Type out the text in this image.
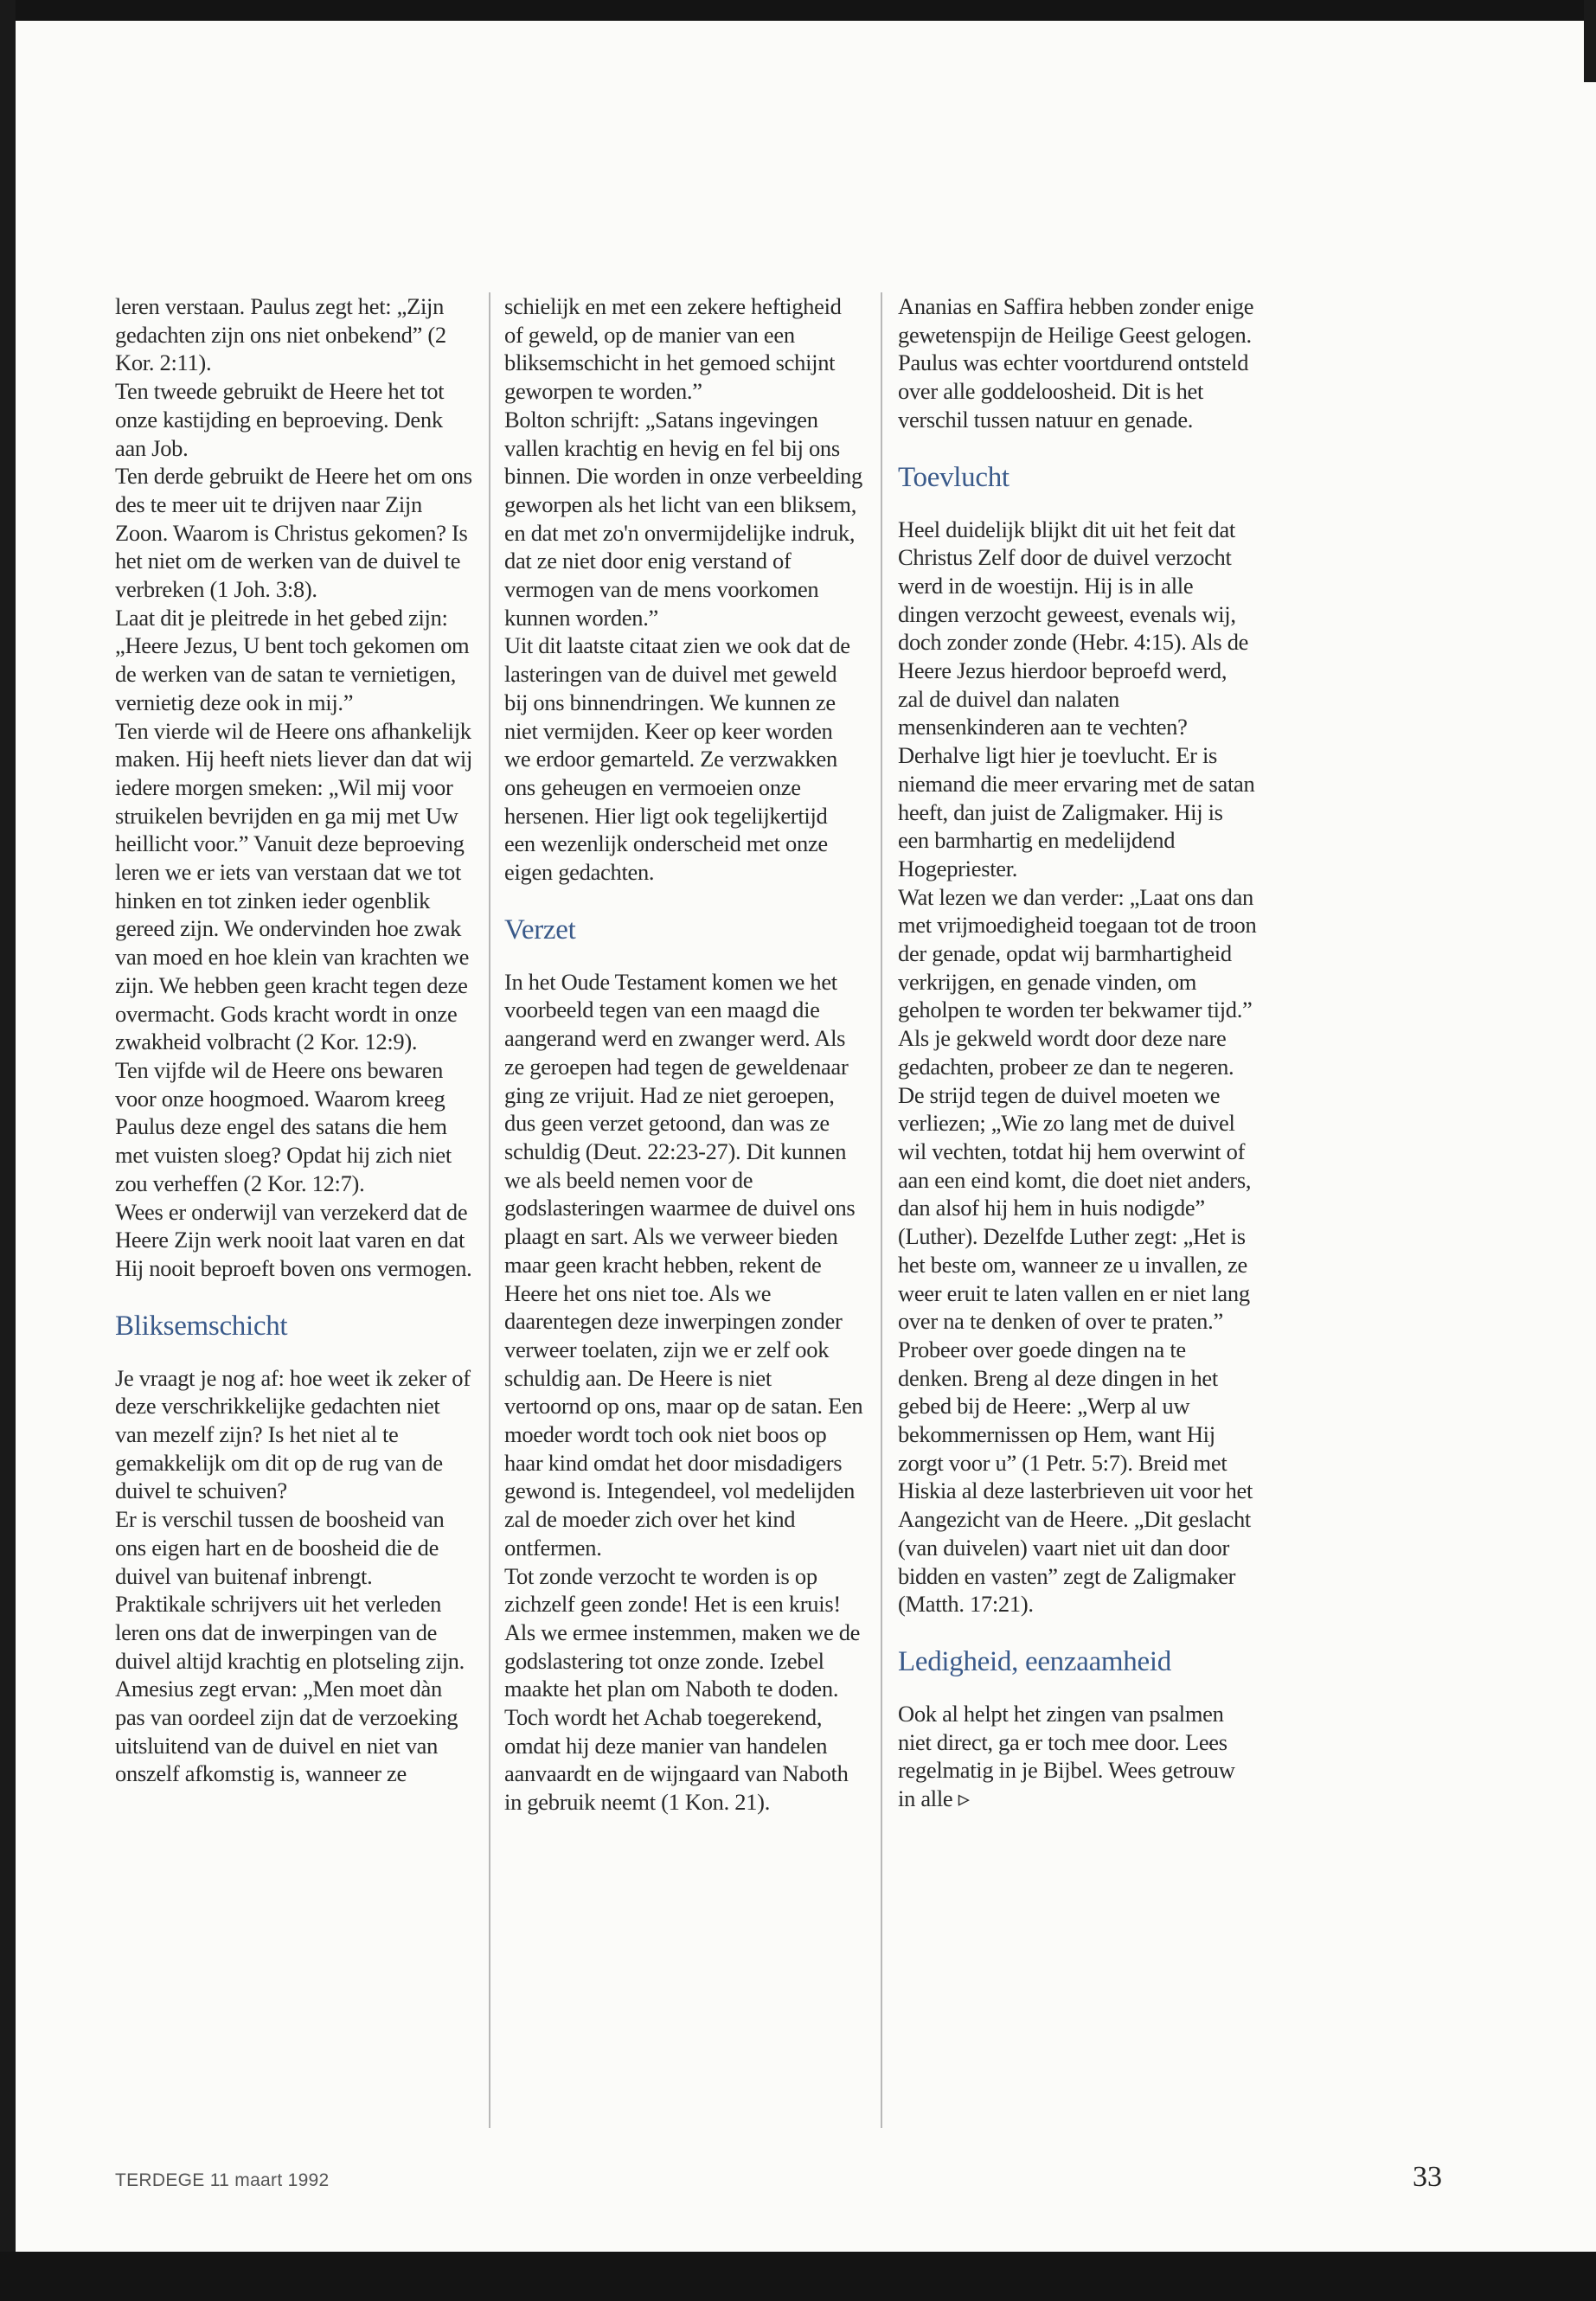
leren verstaan. Paulus zegt het: „Zijn gedachten zijn ons niet onbekend” (2 Kor. 2:11).

Ten tweede gebruikt de Heere het tot onze kastijding en beproeving. Denk aan Job.

Ten derde gebruikt de Heere het om ons des te meer uit te drijven naar Zijn Zoon. Waarom is Christus gekomen? Is het niet om de werken van de duivel te verbreken (1 Joh. 3:8).

Laat dit je pleitrede in het gebed zijn: „Heere Jezus, U bent toch gekomen om de werken van de satan te vernietigen, vernietig deze ook in mij.”

Ten vierde wil de Heere ons afhankelijk maken. Hij heeft niets liever dan dat wij iedere morgen smeken: „Wil mij voor struikelen bevrijden en ga mij met Uw heillicht voor.” Vanuit deze beproeving leren we er iets van verstaan dat we tot hinken en tot zinken ieder ogenblik gereed zijn. We ondervinden hoe zwak van moed en hoe klein van krachten we zijn. We hebben geen kracht tegen deze overmacht. Gods kracht wordt in onze zwakheid volbracht (2 Kor. 12:9).

Ten vijfde wil de Heere ons bewaren voor onze hoogmoed. Waarom kreeg Paulus deze engel des satans die hem met vuisten sloeg? Opdat hij zich niet zou verheffen (2 Kor. 12:7).

Wees er onderwijl van verzekerd dat de Heere Zijn werk nooit laat varen en dat Hij nooit beproeft boven ons vermogen.

Bliksemschicht

Je vraagt je nog af: hoe weet ik zeker of deze verschrikkelijke gedachten niet van mezelf zijn? Is het niet al te gemakkelijk om dit op de rug van de duivel te schuiven?

Er is verschil tussen de boosheid van ons eigen hart en de boosheid die de duivel van buitenaf inbrengt.

Praktikale schrijvers uit het verleden leren ons dat de inwerpingen van de duivel altijd krachtig en plotseling zijn.

Amesius zegt ervan: „Men moet dàn pas van oordeel zijn dat de verzoeking uitsluitend van de duivel en niet van onszelf afkomstig is, wanneer ze

schielijk en met een zekere heftigheid of geweld, op de manier van een bliksemschicht in het gemoed schijnt geworpen te worden.”

Bolton schrijft: „Satans ingevingen vallen krachtig en hevig en fel bij ons binnen. Die worden in onze verbeelding geworpen als het licht van een bliksem, en dat met zo'n onvermijdelijke indruk, dat ze niet door enig verstand of vermogen van de mens voorkomen kunnen worden.”

Uit dit laatste citaat zien we ook dat de lasteringen van de duivel met geweld bij ons binnendringen. We kunnen ze niet vermijden. Keer op keer worden we erdoor gemarteld. Ze verzwakken ons geheugen en vermoeien onze hersenen. Hier ligt ook tegelijkertijd een wezenlijk onderscheid met onze eigen gedachten.

Verzet

In het Oude Testament komen we het voorbeeld tegen van een maagd die aangerand werd en zwanger werd. Als ze geroepen had tegen de geweldenaar ging ze vrijuit. Had ze niet geroepen, dus geen verzet getoond, dan was ze schuldig (Deut. 22:23-27). Dit kunnen we als beeld nemen voor de godslasteringen waarmee de duivel ons plaagt en sart. Als we verweer bieden maar geen kracht hebben, rekent de Heere het ons niet toe. Als we daarentegen deze inwerpingen zonder verweer toelaten, zijn we er zelf ook schuldig aan. De Heere is niet vertoornd op ons, maar op de satan. Een moeder wordt toch ook niet boos op haar kind omdat het door misdadigers gewond is. Integendeel, vol medelijden zal de moeder zich over het kind ontfermen.

Tot zonde verzocht te worden is op zichzelf geen zonde! Het is een kruis! Als we ermee instemmen, maken we de godslastering tot onze zonde. Izebel maakte het plan om Naboth te doden. Toch wordt het Achab toegerekend, omdat hij deze manier van handelen aanvaardt en de wijngaard van Naboth in gebruik neemt (1 Kon. 21).

Ananias en Saffira hebben zonder enige gewetenspijn de Heilige Geest gelogen. Paulus was echter voortdurend ontsteld over alle goddeloosheid. Dit is het verschil tussen natuur en genade.

Toevlucht

Heel duidelijk blijkt dit uit het feit dat Christus Zelf door de duivel verzocht werd in de woestijn. Hij is in alle dingen verzocht geweest, evenals wij, doch zonder zonde (Hebr. 4:15). Als de Heere Jezus hierdoor beproefd werd, zal de duivel dan nalaten mensenkinderen aan te vechten? Derhalve ligt hier je toevlucht. Er is niemand die meer ervaring met de satan heeft, dan juist de Zaligmaker. Hij is een barmhartig en medelijdend Hogepriester.

Wat lezen we dan verder: „Laat ons dan met vrijmoedigheid toegaan tot de troon der genade, opdat wij barmhartigheid verkrijgen, en genade vinden, om geholpen te worden ter bekwamer tijd.”

Als je gekweld wordt door deze nare gedachten, probeer ze dan te negeren. De strijd tegen de duivel moeten we verliezen; „Wie zo lang met de duivel wil vechten, totdat hij hem overwint of aan een eind komt, die doet niet anders, dan alsof hij hem in huis nodigde” (Luther). Dezelfde Luther zegt: „Het is het beste om, wanneer ze u invallen, ze weer eruit te laten vallen en er niet lang over na te denken of over te praten.” Probeer over goede dingen na te denken. Breng al deze dingen in het gebed bij de Heere: „Werp al uw bekommernissen op Hem, want Hij zorgt voor u” (1 Petr. 5:7). Breid met Hiskia al deze lasterbrieven uit voor het Aangezicht van de Heere. „Dit geslacht (van duivelen) vaart niet uit dan door bidden en vasten” zegt de Zaligmaker (Matth. 17:21).

Ledigheid, eenzaamheid

Ook al helpt het zingen van psalmen niet direct, ga er toch mee door. Lees regelmatig in je Bijbel. Wees getrouw in alle ▹

TERDEGE 11 maart 1992	33
